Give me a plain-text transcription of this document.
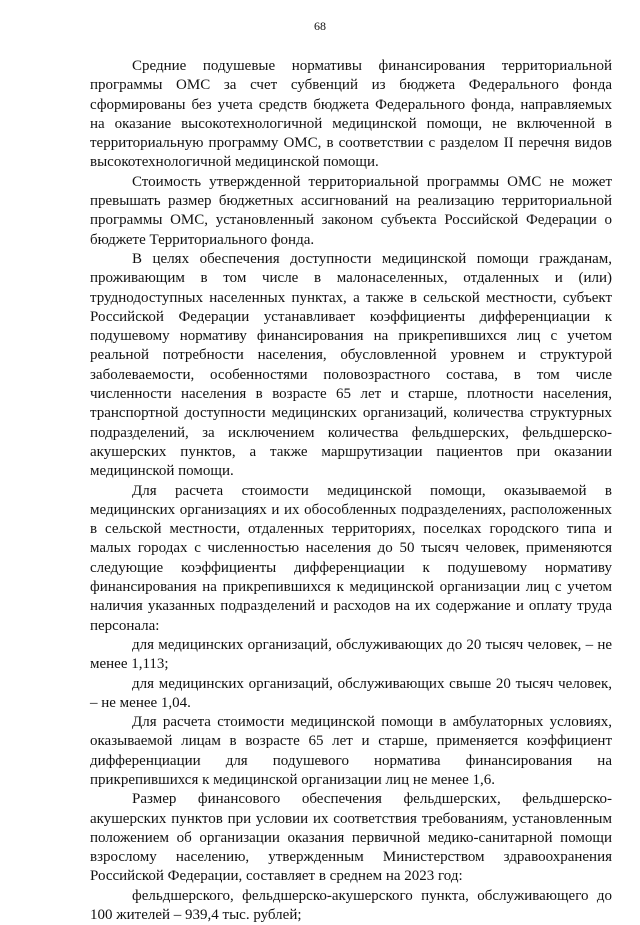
68

Средние подушевые нормативы финансирования территориальной программы ОМС за счет субвенций из бюджета Федерального фонда сформированы без учета средств бюджета Федерального фонда, направляемых на оказание высокотехнологичной медицинской помощи, не включенной в территориальную программу ОМС, в соответствии с разделом II перечня видов высокотехнологичной медицинской помощи.

Стоимость утвержденной территориальной программы ОМС не может превышать размер бюджетных ассигнований на реализацию территориальной программы ОМС, установленный законом субъекта Российской Федерации о бюджете Территориального фонда.

В целях обеспечения доступности медицинской помощи гражданам, проживающим в том числе в малонаселенных, отдаленных и (или) труднодоступных населенных пунктах, а также в сельской местности, субъект Российской Федерации устанавливает коэффициенты дифференциации к подушевому нормативу финансирования на прикрепившихся лиц с учетом реальной потребности населения, обусловленной уровнем и структурой заболеваемости, особенностями половозрастного состава, в том числе численности населения в возрасте 65 лет и старше, плотности населения, транспортной доступности медицинских организаций, количества структурных подразделений, за исключением количества фельдшерских, фельдшерско-акушерских пунктов, а также маршрутизации пациентов при оказании медицинской помощи.

Для расчета стоимости медицинской помощи, оказываемой в медицинских организациях и их обособленных подразделениях, расположенных в сельской местности, отдаленных территориях, поселках городского типа и малых городах с численностью населения до 50 тысяч человек, применяются следующие коэффициенты дифференциации к подушевому нормативу финансирования на прикрепившихся к медицинской организации лиц с учетом наличия указанных подразделений и расходов на их содержание и оплату труда персонала:

для медицинских организаций, обслуживающих до 20 тысяч человек, – не менее 1,113;

для медицинских организаций, обслуживающих свыше 20 тысяч человек, – не менее 1,04.

Для расчета стоимости медицинской помощи в амбулаторных условиях, оказываемой лицам в возрасте 65 лет и старше, применяется коэффициент дифференциации для подушевого норматива финансирования на прикрепившихся к медицинской организации лиц не менее 1,6.

Размер финансового обеспечения фельдшерских, фельдшерско-акушерских пунктов при условии их соответствия требованиям, установленным положением об организации оказания первичной медико-санитарной помощи взрослому населению, утвержденным Министерством здравоохранения Российской Федерации, составляет в среднем на 2023 год:

фельдшерского, фельдшерско-акушерского пункта, обслуживающего до 100 жителей – 939,4 тыс. рублей;
